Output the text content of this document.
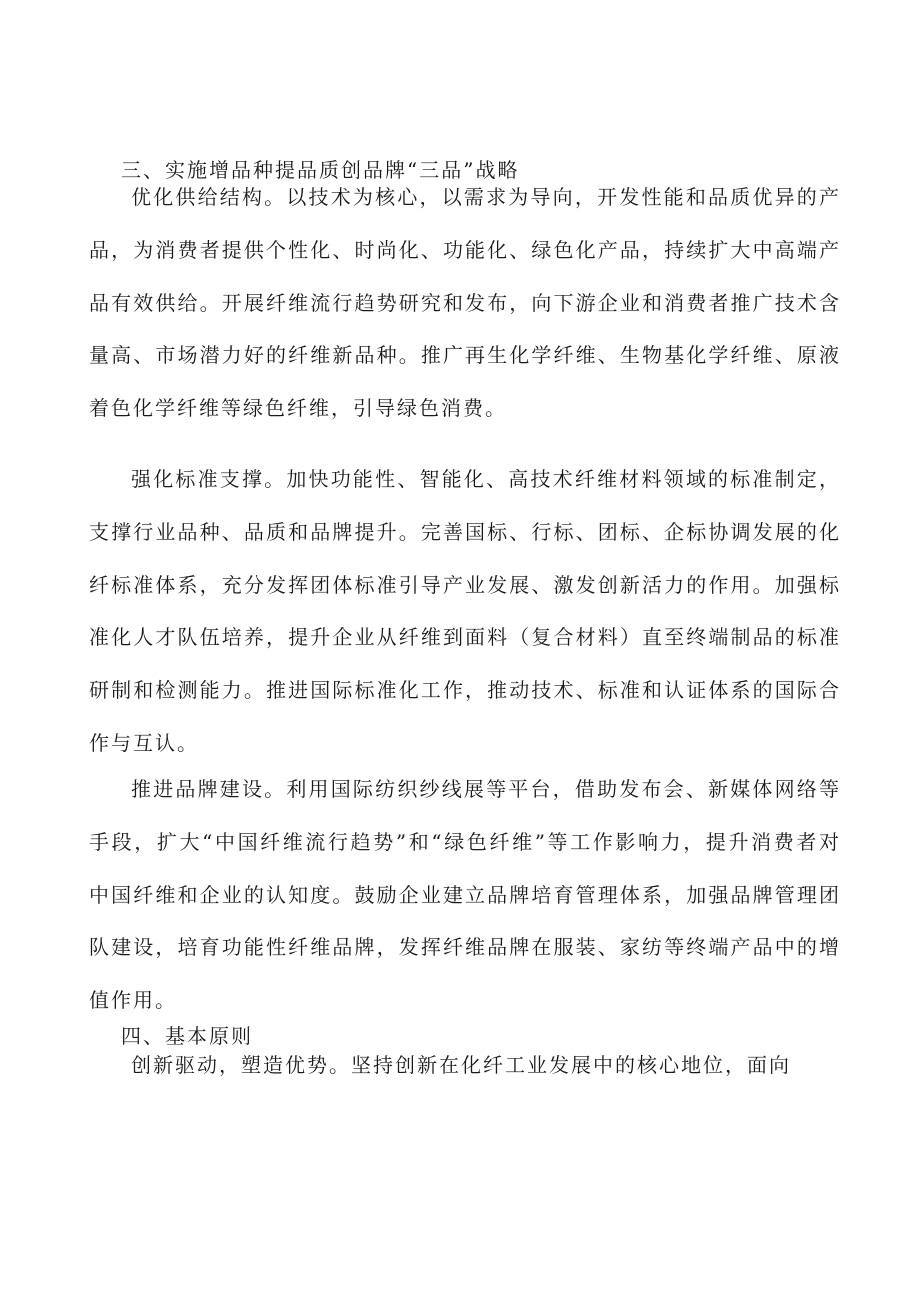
三、实施增品种提品质创品牌“三品”战略

优化供给结构。以技术为核心，以需求为导向，开发性能和品质优异的产品，为消费者提供个性化、时尚化、功能化、绿色化产品，持续扩大中高端产品有效供给。开展纤维流行趋势研究和发布，向下游企业和消费者推广技术含量高、市场潜力好的纤维新品种。推广再生化学纤维、生物基化学纤维、原液着色化学纤维等绿色纤维，引导绿色消费。

强化标准支撑。加快功能性、智能化、高技术纤维材料领域的标准制定，支撑行业品种、品质和品牌提升。完善国标、行标、团标、企标协调发展的化纤标准体系，充分发挥团体标准引导产业发展、激发创新活力的作用。加强标准化人才队伍培养，提升企业从纤维到面料（复合材料）直至终端制品的标准研制和检测能力。推进国际标准化工作，推动技术、标准和认证体系的国际合作与互认。

推进品牌建设。利用国际纺织纱线展等平台，借助发布会、新媒体网络等手段，扩大“中国纤维流行趋势”和“绿色纤维”等工作影响力，提升消费者对中国纤维和企业的认知度。鼓励企业建立品牌培育管理体系，加强品牌管理团队建设，培育功能性纤维品牌，发挥纤维品牌在服装、家纺等终端产品中的增值作用。

四、基本原则

创新驱动，塑造优势。坚持创新在化纤工业发展中的核心地位，面向
